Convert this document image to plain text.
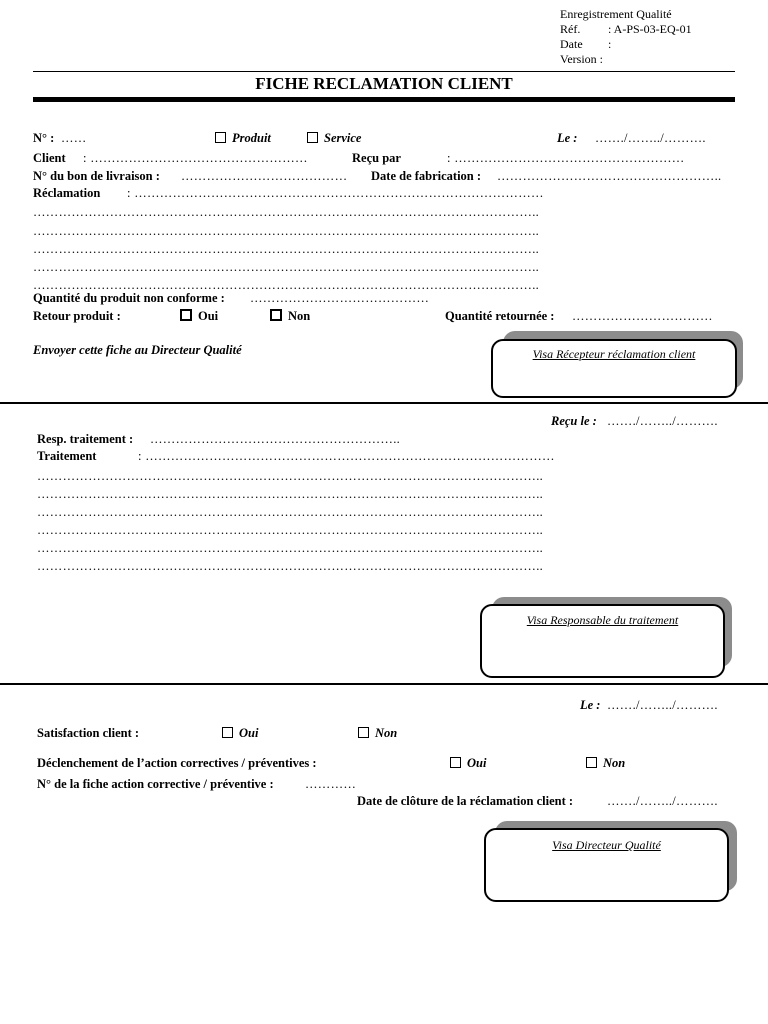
Enregistrement Qualité
Réf. : A-PS-03-EQ-01
Date :
Version :
FICHE RECLAMATION CLIENT
N° : ……	Produit	Service	Le : ……./……../……….
Client : ……………………………………………	Reçu par	: ………………………………………………
N° du bon de livraison : ………………………………… Date de fabrication : ……………………………………………..
Réclamation : ……………………………………………………………………………………
………………………………………………………………………………………………………..
………………………………………………………………………………………………………..
………………………………………………………………………………………………………..
………………………………………………………………………………………………………..
………………………………………………………………………………………………………..
Quantité du produit non conforme : ……………………………………
Retour produit :	Oui	Non	Quantité retournée : ……………………………
Envoyer cette fiche au Directeur Qualité	Visa Récepteur réclamation client
Reçu le : ……./……../……….
Resp. traitement : …………………………………………………..
Traitement	: ……………………………………………………………………………………
………………………………………………………………………………………………………..
………………………………………………………………………………………………………..
………………………………………………………………………………………………………..
………………………………………………………………………………………………………..
………………………………………………………………………………………………………..
………………………………………………………………………………………………………..
Visa Responsable du traitement
Le : ……./……../……….
Satisfaction client :	Oui	Non
Déclenchement de l’action correctives / préventives :	Oui	Non
N° de la fiche action corrective / préventive :	…………
Date de clôture de la réclamation client :	……./……../……….
Visa Directeur Qualité
